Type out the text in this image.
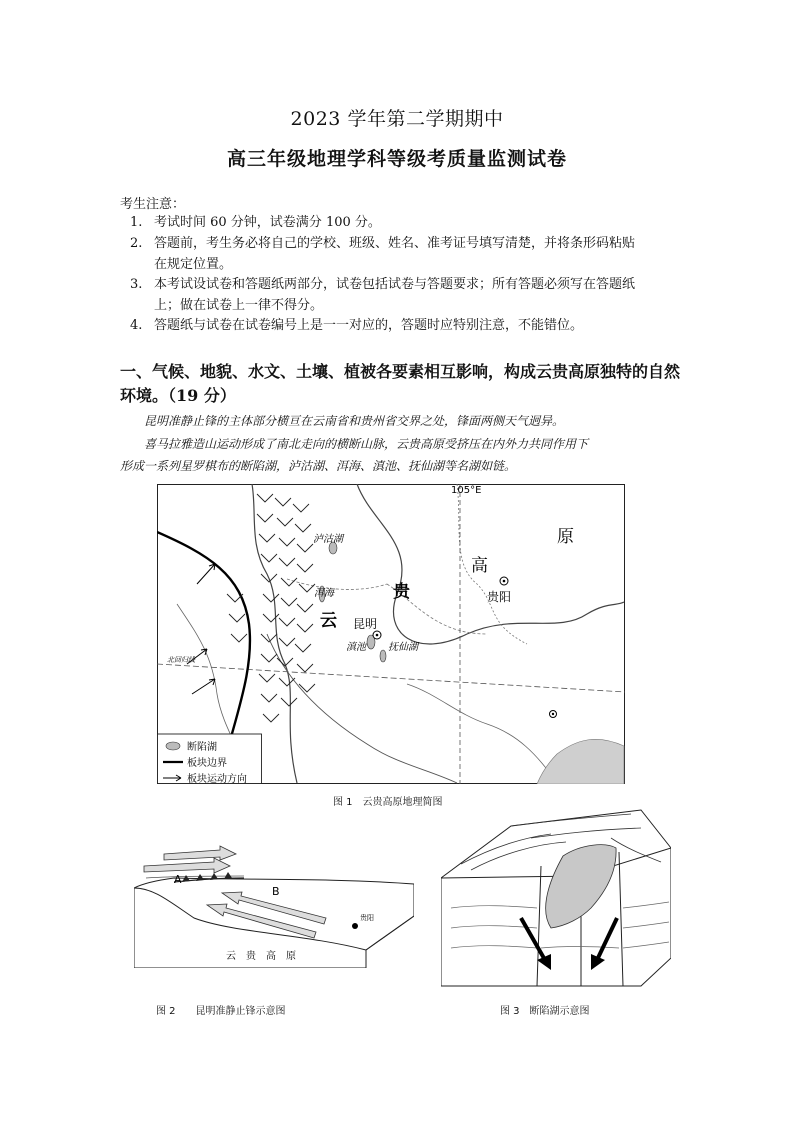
2023 学年第二学期期中
高三年级地理学科等级考质量监测试卷
考生注意：
1. 考试时间 60 分钟，试卷满分 100 分。
2. 答题前，考生务必将自己的学校、班级、姓名、准考证号填写清楚，并将条形码粘贴
在规定位置。
3. 本考试设试卷和答题纸两部分，试卷包括试卷与答题要求；所有答题必须写在答题纸
上；做在试卷上一律不得分。
4. 答题纸与试卷在试卷编号上是一一对应的，答题时应特别注意，不能错位。
一、气候、地貌、水文、土壤、植被各要素相互影响，构成云贵高原独特的自然
环境。（19 分）
昆明准静止锋的主体部分横亘在云南省和贵州省交界之处，锋面两侧天气迥异。
喜马拉雅造山运动形成了南北走向的横断山脉，云贵高原受挤压在内外力共同作用下
形成一系列星罗棋布的断陷湖，泸沽湖、洱海、滇池、抚仙湖等名湖如链。
105°E
高
原
贵
云
贵阳
昆明
泸沽湖
洱海
滇池 抚仙湖
北回归线
断陷湖
板块边界
板块运动方向
图 1　云贵高原地理简图
A
B
贵阳
云　贵　高　原
图 2　　昆明准静止锋示意图	图 3　断陷湖示意图
